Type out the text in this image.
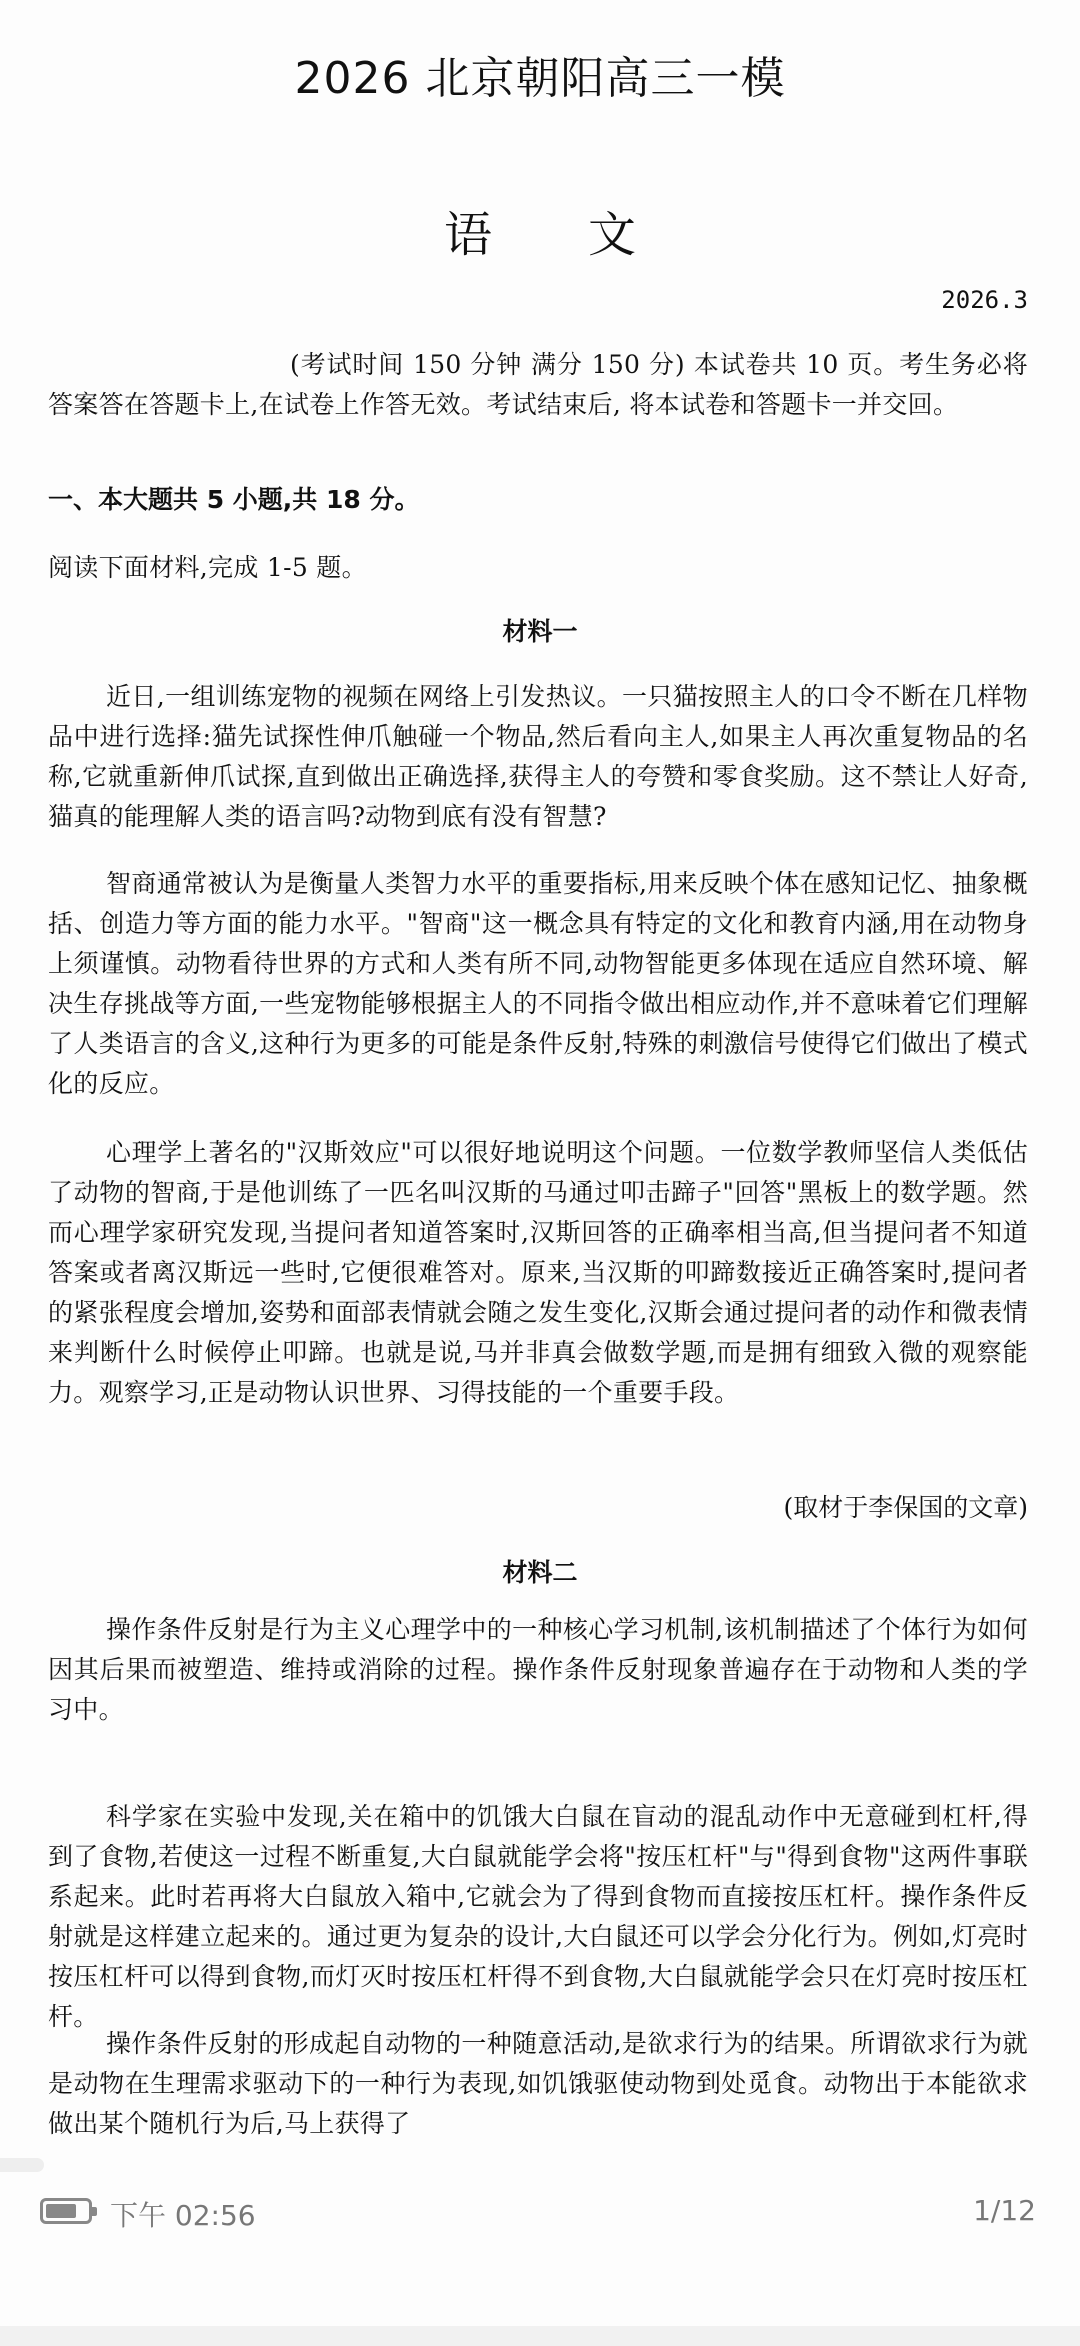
2026 北京朝阳高三一模
语 文
2026.3
(考试时间 150 分钟 满分 150 分) 本试卷共 10 页。考生务必将答案答在答题卡上,在试卷上作答无效。考试结束后, 将本试卷和答题卡一并交回。
一、本大题共 5 小题,共 18 分。
阅读下面材料,完成 1-5 题。
材料一
近日,一组训练宠物的视频在网络上引发热议。一只猫按照主人的口令不断在几样物品中进行选择:猫先试探性伸爪触碰一个物品,然后看向主人,如果主人再次重复物品的名称,它就重新伸爪试探,直到做出正确选择,获得主人的夸赞和零食奖励。这不禁让人好奇,猫真的能理解人类的语言吗?动物到底有没有智慧?
智商通常被认为是衡量人类智力水平的重要指标,用来反映个体在感知记忆、抽象概括、创造力等方面的能力水平。"智商"这一概念具有特定的文化和教育内涵,用在动物身上须谨慎。动物看待世界的方式和人类有所不同,动物智能更多体现在适应自然环境、解决生存挑战等方面,一些宠物能够根据主人的不同指令做出相应动作,并不意味着它们理解了人类语言的含义,这种行为更多的可能是条件反射,特殊的刺激信号使得它们做出了模式化的反应。
心理学上著名的"汉斯效应"可以很好地说明这个问题。一位数学教师坚信人类低估了动物的智商,于是他训练了一匹名叫汉斯的马通过叩击蹄子"回答"黑板上的数学题。然而心理学家研究发现,当提问者知道答案时,汉斯回答的正确率相当高,但当提问者不知道答案或者离汉斯远一些时,它便很难答对。原来,当汉斯的叩蹄数接近正确答案时,提问者的紧张程度会增加,姿势和面部表情就会随之发生变化,汉斯会通过提问者的动作和微表情来判断什么时候停止叩蹄。也就是说,马并非真会做数学题,而是拥有细致入微的观察能力。观察学习,正是动物认识世界、习得技能的一个重要手段。
(取材于李保国的文章)
材料二
操作条件反射是行为主义心理学中的一种核心学习机制,该机制描述了个体行为如何因其后果而被塑造、维持或消除的过程。操作条件反射现象普遍存在于动物和人类的学习中。
科学家在实验中发现,关在箱中的饥饿大白鼠在盲动的混乱动作中无意碰到杠杆,得到了食物,若使这一过程不断重复,大白鼠就能学会将"按压杠杆"与"得到食物"这两件事联系起来。此时若再将大白鼠放入箱中,它就会为了得到食物而直接按压杠杆。操作条件反射就是这样建立起来的。通过更为复杂的设计,大白鼠还可以学会分化行为。例如,灯亮时按压杠杆可以得到食物,而灯灭时按压杠杆得不到食物,大白鼠就能学会只在灯亮时按压杠杆。
操作条件反射的形成起自动物的一种随意活动,是欲求行为的结果。所谓欲求行为就是动物在生理需求驱动下的一种行为表现,如饥饿驱使动物到处觅食。动物出于本能欲求做出某个随机行为后,马上获得了
下午 02:56	1/12
